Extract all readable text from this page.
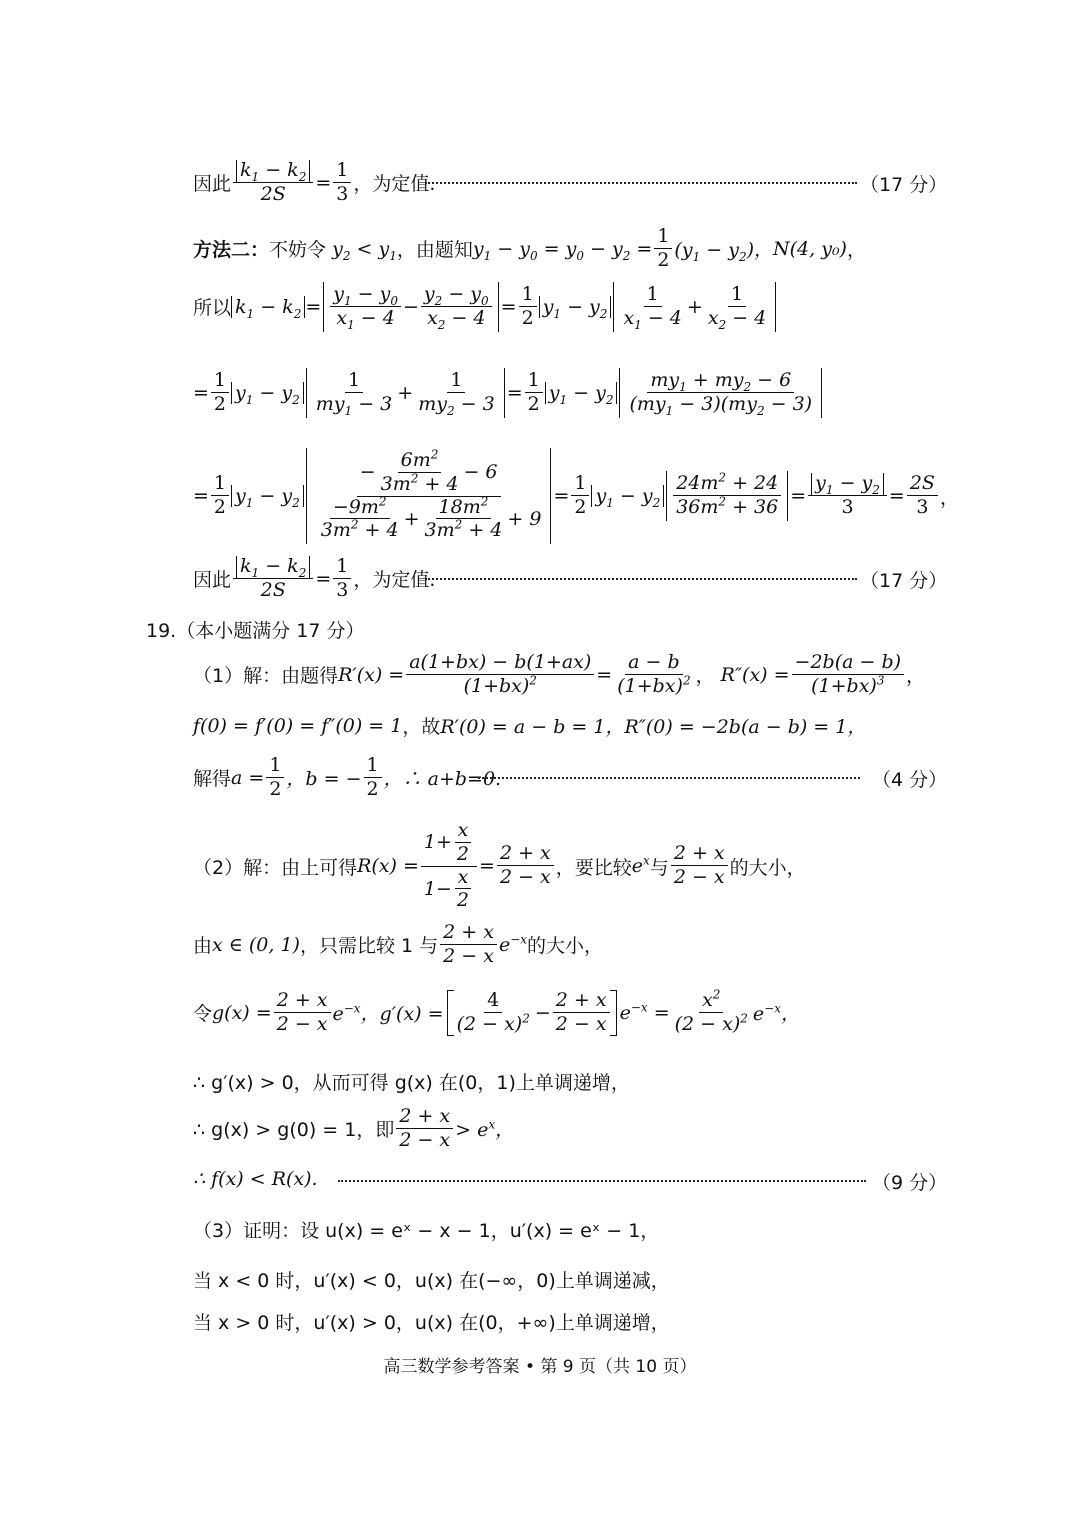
因此 $\frac{k_1 - k_2}{2S} = \frac{1}{3}$ ，为定值.	（17 分）
方法二： 不妨令 $y_2 < y_1$ ，由题知 $y_1 - y_0 = y_0 - y_2 = \frac{1}{2} (y_1 - y_2)$， N(4, y₀) ，
所以 $k_1 - k_2 = \frac{y_1 - y_0}{x_1 - 4} - \frac{y_2 - y_0}{x_2 - 4} = \frac{1}{2} y_1 - y_2 \frac{1}{x_1 - 4} + \frac{1}{x_2 - 4}$
= $\frac{1}{2} y_1 - y_2 \frac{1}{my_1 - 3} + \frac{1}{my_2 - 3} = \frac{1}{2} y_1 - y_2 \frac{my_1 + my_2 - 6}{(my_1 - 3)(my_2 - 3)}$
= $\frac{1}{2} y_1 - y_2 \frac{- \frac{6m^2}{3m^2 + 4} - 6}{\frac{-9m^2}{3m^2 + 4} + \frac{18m^2}{3m^2 + 4} + 9} = \frac{1}{2} y_1 - y_2 \frac{24m^2 + 24}{36m^2 + 36} = \frac{y_1 - y_2}{3} = \frac{2S}{3}$ ，
因此 $\frac{k_1 - k_2}{2S} = \frac{1}{3}$ ，为定值.	（17 分）
19.（本小题满分 17 分）
（1）解：由题得 $R'(x) = \frac{a(1+bx) - b(1+ax)}{(1+bx)^2} = \frac{a - b}{(1+bx)^2}$ ， $R''(x) = \frac{-2b(a - b)}{(1+bx)^3}$ ，
f(0) = f′(0) = f″(0) = 1 ，故 R′(0) = a − b = 1，R″(0) = −2b(a − b) = 1，
解得 $a = \frac{1}{2}$ ，b = − $\frac{1}{2}$ ，∴ a+b=0.	（4 分）
（2）解：由上可得 $R(x) = \frac{1+ \frac{x}{2}}{1- \frac{x}{2}} = \frac{2 + x}{2 - x}$ ，要比较 $e^x$ 与 $\frac{2 + x}{2 - x}$ 的大小，
由 x ∈ (0, 1) ，只需比较 1 与 $\frac{2 + x}{2 - x} e^{-x}$ 的大小，
令 $g(x) = \frac{2 + x}{2 - x} e^{-x}$，$g'(x) = \frac{4}{(2 - x)^2} - \frac{2 + x}{2 - x} e^{-x} = \frac{x^2}{(2 - x)^2} e^{-x}$，
∴ g′(x) > 0，从而可得 g(x) 在(0，1)上单调递增，
∴ g(x) > g(0) = 1，即 $\frac{2 + x}{2 - x} > e^x$，
∴ f(x) < R(x).	（9 分）
（3）证明：设 u(x) = eˣ − x − 1，u′(x) = eˣ − 1，
当 x < 0 时，u′(x) < 0，u(x) 在(−∞，0)上单调递减，
当 x > 0 时，u′(x) > 0，u(x) 在(0，+∞)上单调递增，
高三数学参考答案 • 第 9 页（共 10 页）
